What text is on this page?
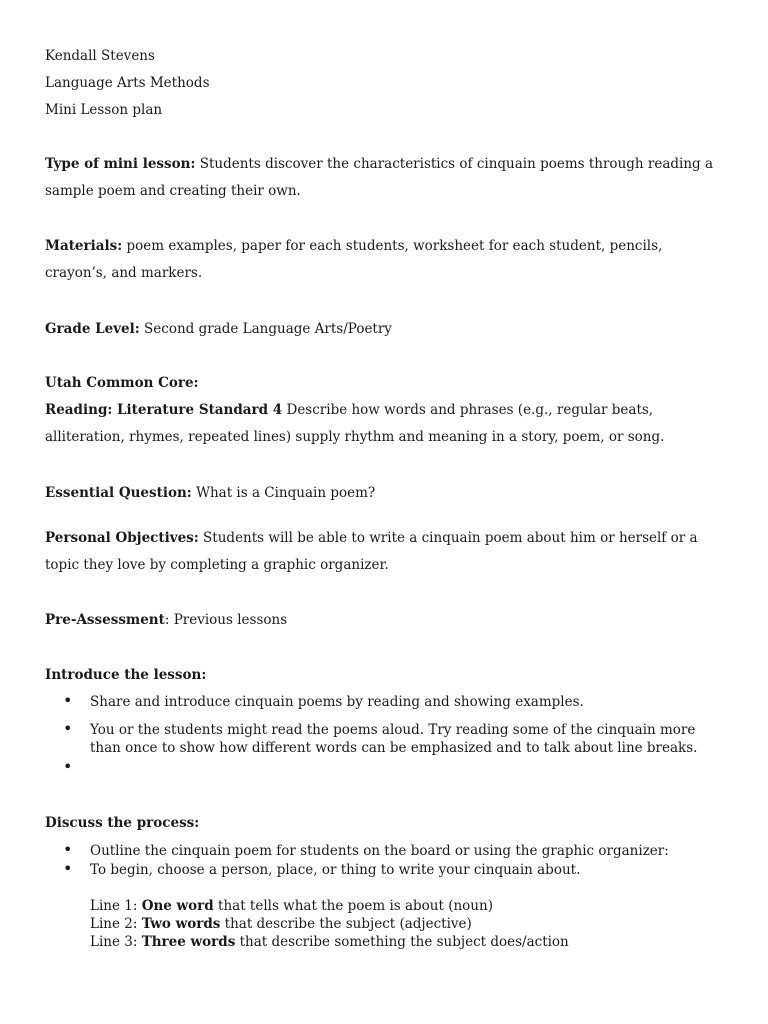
Kendall Stevens
Language Arts Methods
Mini Lesson plan
Type of mini lesson: Students discover the characteristics of cinquain poems through reading a sample poem and creating their own.
Materials: poem examples, paper for each students, worksheet for each student, pencils, crayon’s, and markers.
Grade Level: Second grade Language Arts/Poetry
Utah Common Core:
Reading: Literature Standard 4 Describe how words and phrases (e.g., regular beats, alliteration, rhymes, repeated lines) supply rhythm and meaning in a story, poem, or song.
Essential Question: What is a Cinquain poem?
Personal Objectives: Students will be able to write a cinquain poem about him or herself or a topic they love by completing a graphic organizer.
Pre-Assessment: Previous lessons
Introduce the lesson:
• Share and introduce cinquain poems by reading and showing examples.
• You or the students might read the poems aloud. Try reading some of the cinquain more than once to show how different words can be emphasized and to talk about line breaks.
•
Discuss the process:
• Outline the cinquain poem for students on the board or using the graphic organizer:
• To begin, choose a person, place, or thing to write your cinquain about.
Line 1: One word that tells what the poem is about (noun)
Line 2: Two words that describe the subject (adjective)
Line 3: Three words that describe something the subject does/action
